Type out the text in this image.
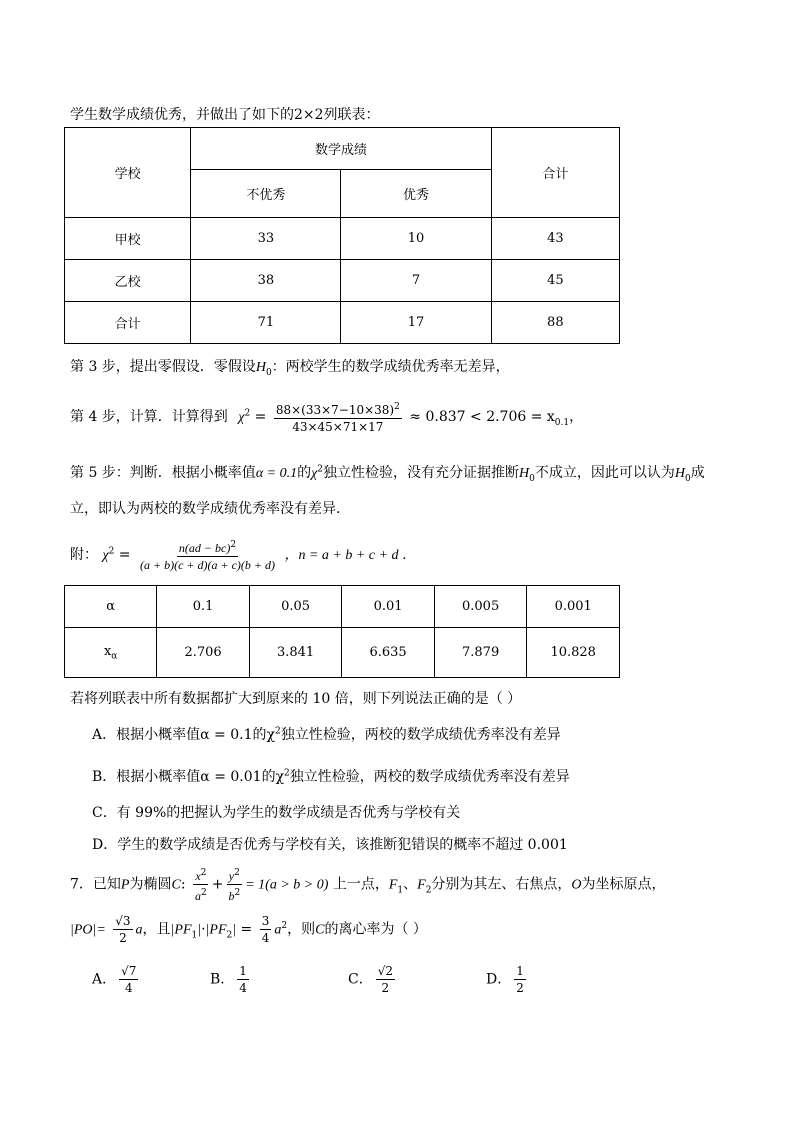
学生数学成绩优秀，并做出了如下的2×2列联表：
学校	数学成绩		合计
	不优秀	优秀	
甲校	33	10	43
乙校	38	7	45
合计	71	17	88
第 3 步，提出零假设．零假设$H_0$：两校学生的数学成绩优秀率无差异，
第 4 步，计算．计算得到 $\chi^2 = \frac{88\times(33\times 7-10\times 38)^2}{43\times 45\times 71\times 17} \approx 0.837 < 2.706 = x_{0.1}$，
第 5 步：判断．根据小概率值α = 0.1的$\chi^2$独立性检验，没有充分证据推断$H_0$不成立，因此可以认为$H_0$成
立，即认为两校的数学成绩优秀率没有差异．
附： $\chi^2 = \frac{n(ad - bc)^2}{(a + b)(c + d)(a + c)(b + d)}$ ，n = a + b + c + d ．
α	0.1	0.05	0.01	0.005	0.001
$x_\alpha$	2.706	3.841	6.635	7.879	10.828
若将列联表中所有数据都扩大到原来的 10 倍，则下列说法正确的是（ ）
A．根据小概率值α = 0.1的$\chi^2$独立性检验，两校的数学成绩优秀率没有差异
B．根据小概率值α = 0.01的$\chi^2$独立性检验，两校的数学成绩优秀率没有差异
C．有 99%的把握认为学生的数学成绩是否优秀与学校有关
D．学生的数学成绩是否优秀与学校有关，该推断犯错误的概率不超过 0.001
7．已知P为椭圆C: $\frac{x^2}{a^2} + \frac{y^2}{b^2} = 1(a > b > 0)$ 上一点，$F_1$、$F_2$分别为其左、右焦点，O为坐标原点，
$|PO|= \frac{√3}{2}$ a，且$|PF_1|\cdot|PF_2| = \frac{3}{4} a^2$，则C的离心率为（ ）
A． $\frac{√7}{4}$	B． $\frac{1}{4}$	C． $\frac{√2}{2}$	D． $\frac{1}{2}$
